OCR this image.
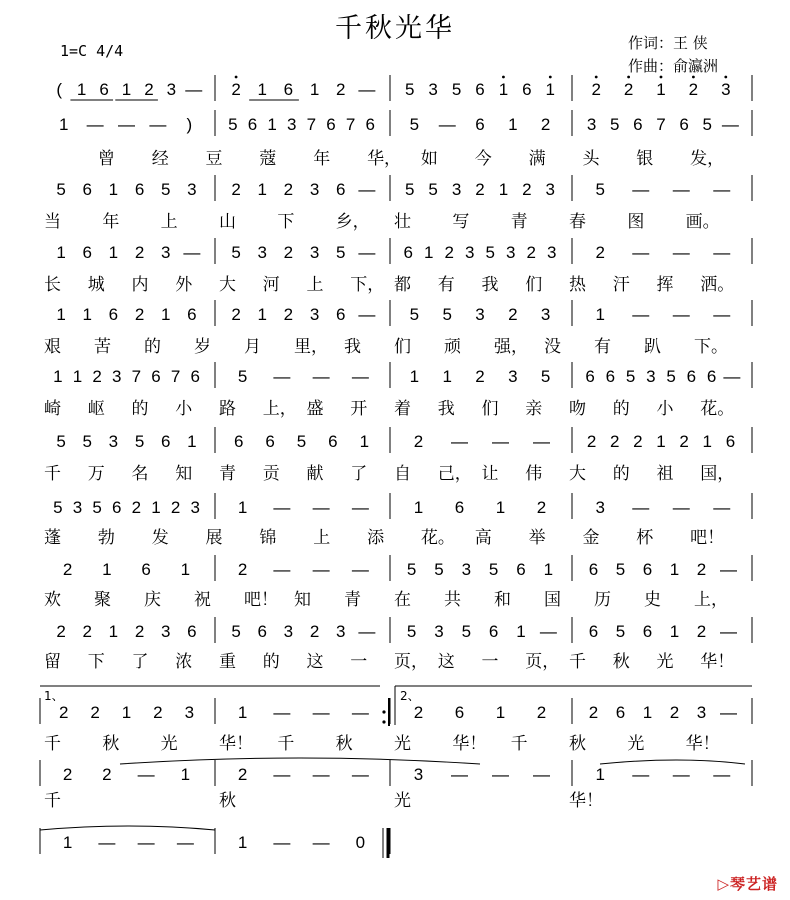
千秋光华
1=C 4/4	作词：王 侠
作曲：俞瀛洲
( 1 6 1 2 3 — 2 1 6 1 2 — 5 3 5 6 1 6 1 2 2 1 2 3
1 — — — ) 5 6 1 3 7 6 7 6 5 — 6 1 2 3 5 6 7 6 5 —
曾 经 豆 蔻 年 华， 如 今 满 头 银 发，
5 6 1 6 5 3 2 1 2 3 6 — 5 5 3 2 1 2 3 5 — — —
当 年 上 山 下 乡， 壮 写 青 春 图 画。
1 6 1 2 3 — 5 3 2 3 5 — 6 1 2 3 5 3 2 3 2 — — —
长 城 内 外 大 河 上 下， 都 有 我 们 热 汗 挥 洒。
1 1 6 2 1 6 2 1 2 3 6 — 5 5 3 2 3	1 — — —
艰 苦 的 岁 月 里， 我 们 顽 强， 没 有 趴 下。
1 1 2 3 7 6 7 6 5 — — — 1 1 2 3 5 6 6 5 3 5 6 6 —
崎 岖 的 小 路 上， 盛 开 着 我 们 亲 吻 的 小 花。
5 5 3 5 6 1 6 6 5 6 1	2 — — — 2 2 2 1 2 1 6
千 万 名 知 青 贡 献 了 自 己， 让 伟 大 的 祖 国，
5 3 5 6 2 1 2 3 1 — — —	1 6 1 2	3 — — —
蓬 勃 发 展 锦 上 添 花。 高 举 金 杯 吧！
2 1 6 1	2 — — — 5 5 3 5 6 1 6 5 6 1 2 —
欢 聚 庆 祝 吧！ 知 青 在 共 和 国 历 史 上，
2 2 1 2 3 6 5 6 3 2 3 — 5 3 5 6 1 — 6 5 6 1 2 —
留 下 了 浓 重 的 这 一 页， 这 一 页， 千 秋 光 华！
2 2 1 2 3	1 — — —	2 6 1 2	2 6 1 2 3 —
千 秋 光 华！ 千 秋 光 华！ 千 秋 光 华！
2 2 — 1	2 — — —	3 — — —	1 — — —
千	秋	光	华！
1 — — —	1 — — 0
1、	2、
▷琴艺谱
